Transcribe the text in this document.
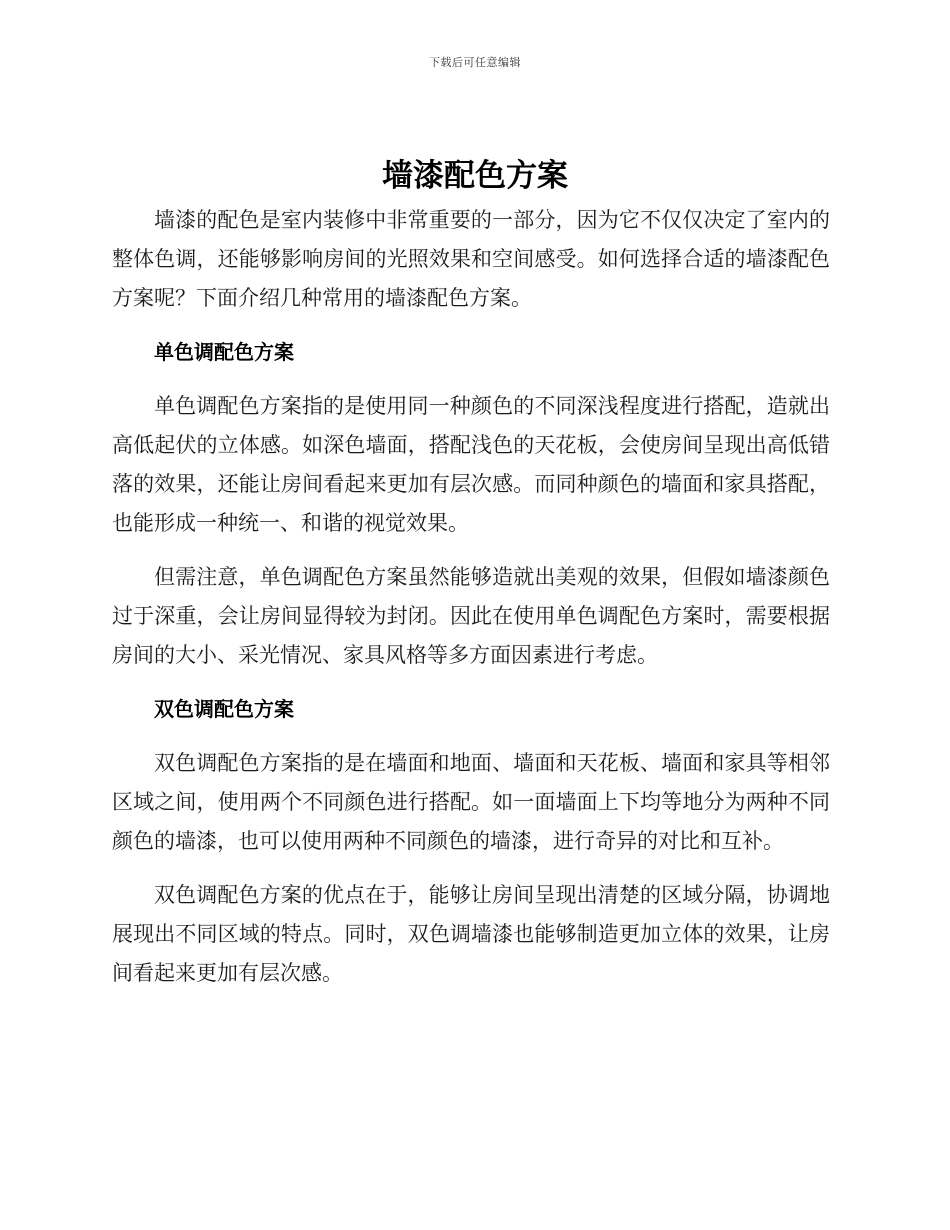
下载后可任意编辑
墙漆配色方案

墙漆的配色是室内装修中非常重要的一部分，因为它不仅仅决定了室内的整体色调，还能够影响房间的光照效果和空间感受。如何选择合适的墙漆配色方案呢？下面介绍几种常用的墙漆配色方案。

单色调配色方案

单色调配色方案指的是使用同一种颜色的不同深浅程度进行搭配，造就出高低起伏的立体感。如深色墙面，搭配浅色的天花板，会使房间呈现出高低错落的效果，还能让房间看起来更加有层次感。而同种颜色的墙面和家具搭配，也能形成一种统一、和谐的视觉效果。

但需注意，单色调配色方案虽然能够造就出美观的效果，但假如墙漆颜色过于深重，会让房间显得较为封闭。因此在使用单色调配色方案时，需要根据房间的大小、采光情况、家具风格等多方面因素进行考虑。

双色调配色方案

双色调配色方案指的是在墙面和地面、墙面和天花板、墙面和家具等相邻区域之间，使用两个不同颜色进行搭配。如一面墙面上下均等地分为两种不同颜色的墙漆，也可以使用两种不同颜色的墙漆，进行奇异的对比和互补。

双色调配色方案的优点在于，能够让房间呈现出清楚的区域分隔，协调地展现出不同区域的特点。同时，双色调墙漆也能够制造更加立体的效果，让房间看起来更加有层次感。
